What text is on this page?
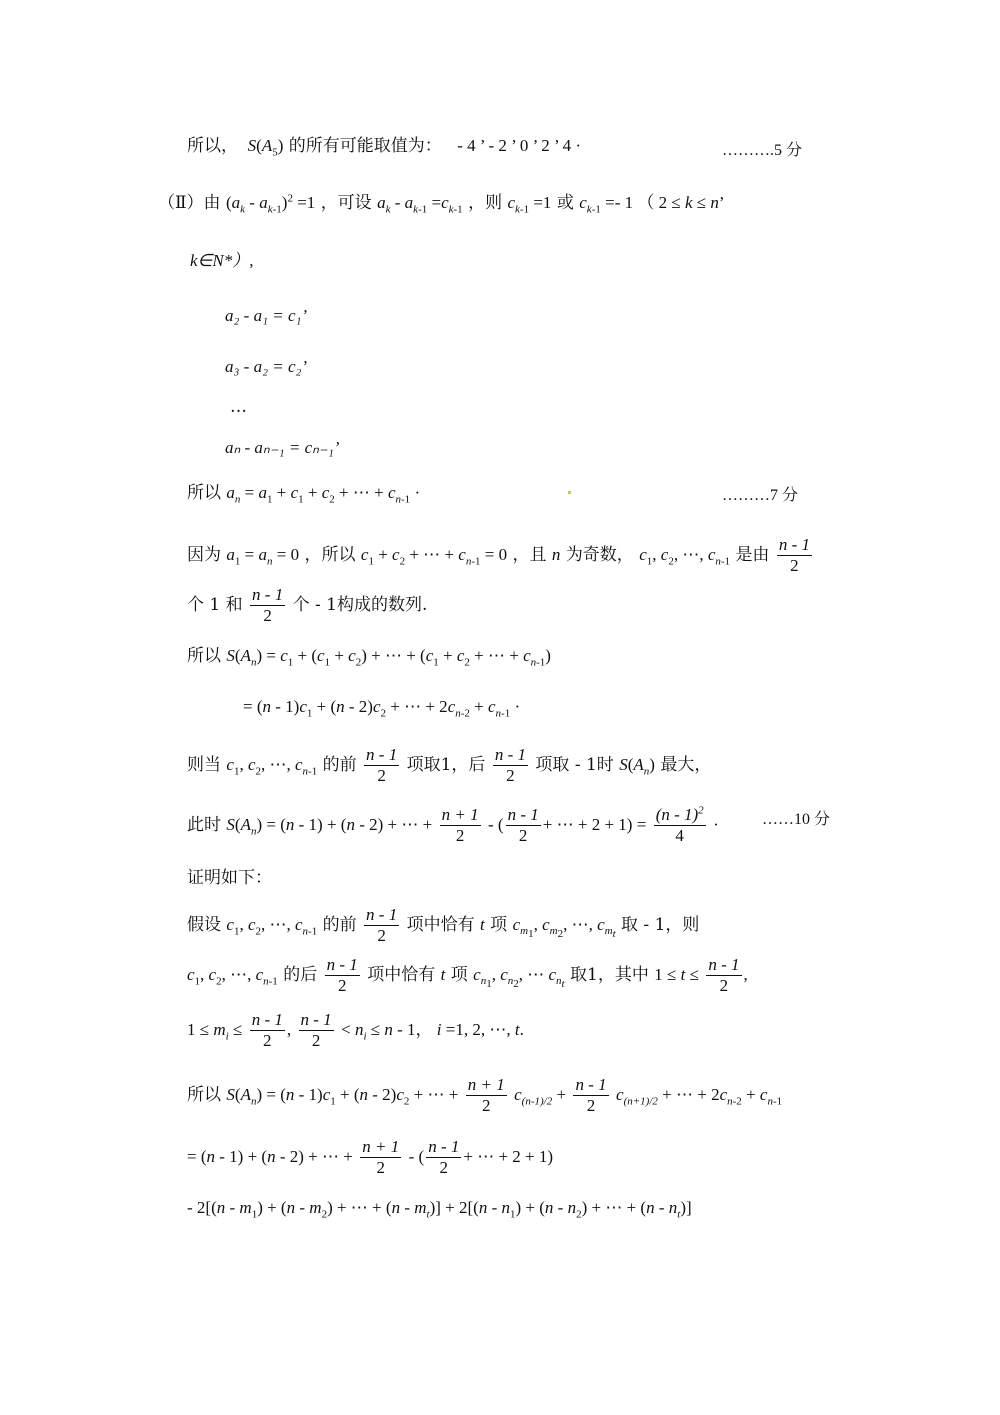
所以，  $S(A_5)$ 的所有可能取值为： - 4 ’ - 2 ’ 0 ’ 2 ’ 4 ·	……….5 分
（Ⅱ）由 $(a_k - a_{k-1})^2 =1$ ，可设 $a_k - a_{k-1} =c_{k-1}$ ，则 $c_{k-1} =1$ 或 $c_{k-1} =- 1$ （ 2 ≤ k ≤ n’
k∈N*）,
a₂ - a₁ = c₁’
a₃ - a₂ = c₂’
…
aₙ - aₙ₋₁ = cₙ₋₁’
所以 $a_n = a_1 + c_1 + c_2$ + ⋯ + $c_{n-1}$ ·	………7 分
因为 $a_1 = a_n = 0$ ，所以 $c_1 + c_2$ + ⋯ + $c_{n-1} = 0$ ，且 n 为奇数， $c_1$, $c_2$, ⋯, $c_{n-1}$ 是由 $\frac{n - 1}{2}$
个 1 和 $\frac{n - 1}{2}$ 个 - 1构成的数列.
所以 $S(A_n) = c_1 + (c_1 + c_2)$ + ⋯ + ($c_1 + c_2$ + ⋯ + $c_{n-1}$)
= $(n - 1)c_1 + (n - 2)c_2$ + ⋯ + $2c_{n-2} + c_{n-1}$ ·
则当 $c_1$, $c_2$, ⋯, $c_{n-1}$ 的前 $\frac{n - 1}{2}$ 项取1，后 $\frac{n - 1}{2}$ 项取 - 1时 $S(A_n)$ 最大，
此时 $S(A_n) = (n - 1) + (n - 2)$ + ⋯ + $\frac{n + 1}{2}$ - ( $\frac{n - 1}{2}$ + ⋯ + $2 + 1) = \frac{(n - 1)^2}{4}$ ·	……10 分
证明如下：
假设 $c_1$, $c_2$, ⋯, $c_{n-1}$ 的前 $\frac{n - 1}{2}$ 项中恰有 t 项 $c_{m_1}$, $c_{m_2}$, ⋯, $c_{m_t}$ 取 - 1，则
$c_1$, $c_2$, ⋯, $c_{n-1}$ 的后 $\frac{n - 1}{2}$ 项中恰有 t 项 $c_{n_1}$, $c_{n_2}$, ⋯ $c_{n_t}$ 取1，其中 $1 \le t \le \frac{n - 1}{2}$ ,
$1 \le m_i \le \frac{n - 1}{2}$ , $\frac{n - 1}{2} < n_i \le n - 1$， i =1, 2, ⋯, t.
所以 $S(A_n) = (n - 1)c_1 + (n - 2)c_2$ + ⋯ + $\frac{n + 1}{2} c_{(n-1)/2} + \frac{n - 1}{2} c_{(n+1)/2}$ + ⋯ + $2c_{n-2} + c_{n-1}$
= (n - 1) + (n - 2) + ⋯ + $\frac{n + 1}{2}$ - ( $\frac{n - 1}{2}$ + ⋯ + 2 + 1)
- $2[(n - m_1) + (n - m_2)$ + ⋯ + $(n - m_t)] + 2[(n - n_1) + (n - n_2)$ + ⋯ + $(n - n_t)$]
